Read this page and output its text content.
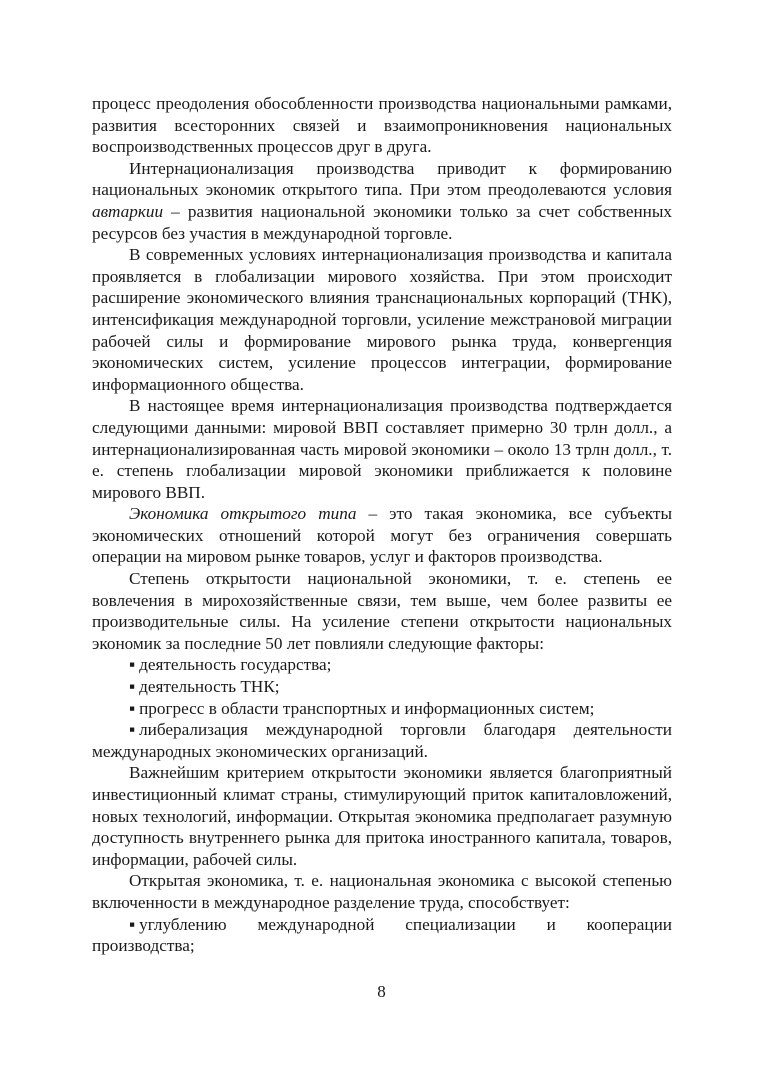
процесс преодоления обособленности производства национальными рамками, развития всесторонних связей и взаимопроникновения национальных воспроизводственных процессов друг в друга.

Интернационализация производства приводит к формированию национальных экономик открытого типа. При этом преодолеваются условия автаркии – развития национальной экономики только за счет собственных ресурсов без участия в международной торговле.

В современных условиях интернационализация производства и капитала проявляется в глобализации мирового хозяйства. При этом происходит расширение экономического влияния транснациональных корпораций (ТНК), интенсификация международной торговли, усиление межстрановой миграции рабочей силы и формирование мирового рынка труда, конвергенция экономических систем, усиление процессов интеграции, формирование информационного общества.

В настоящее время интернационализация производства подтверждается следующими данными: мировой ВВП составляет примерно 30 трлн долл., а интернационализированная часть мировой экономики – около 13 трлн долл., т. е. степень глобализации мировой экономики приближается к половине мирового ВВП.

Экономика открытого типа – это такая экономика, все субъекты экономических отношений которой могут без ограничения совершать операции на мировом рынке товаров, услуг и факторов производства.

Степень открытости национальной экономики, т. е. степень ее вовлечения в мирохозяйственные связи, тем выше, чем более развиты ее производительные силы. На усиление степени открытости национальных экономик за последние 50 лет повлияли следующие факторы:

▪ деятельность государства;

▪ деятельность ТНК;

▪ прогресс в области транспортных и информационных систем;

▪ либерализация международной торговли благодаря деятельности международных экономических организаций.

Важнейшим критерием открытости экономики является благоприятный инвестиционный климат страны, стимулирующий приток капиталовложений, новых технологий, информации. Открытая экономика предполагает разумную доступность внутреннего рынка для притока иностранного капитала, товаров, информации, рабочей силы.

Открытая экономика, т. е. национальная экономика с высокой степенью включенности в международное разделение труда, способствует:

▪ углублению международной специализации и кооперации производства;

8
